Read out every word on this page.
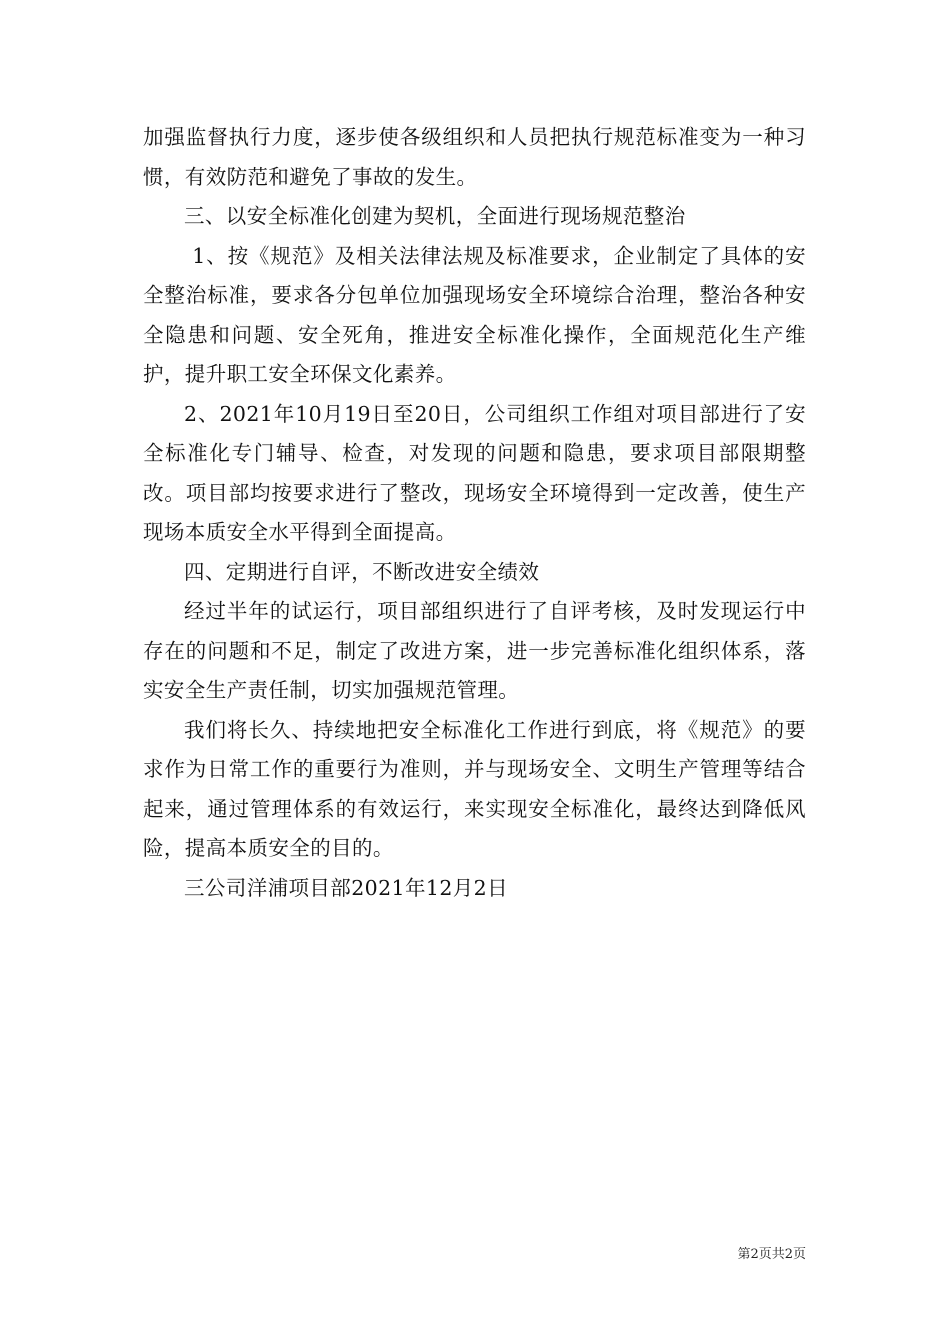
加强监督执行力度，逐步使各级组织和人员把执行规范标准变为一种习惯，有效防范和避免了事故的发生。

三、以安全标准化创建为契机，全面进行现场规范整治

1、按《规范》及相关法律法规及标准要求，企业制定了具体的安全整治标准，要求各分包单位加强现场安全环境综合治理，整治各种安全隐患和问题、安全死角，推进安全标准化操作，全面规范化生产维护，提升职工安全环保文化素养。

2、2021年10月19日至20日，公司组织工作组对项目部进行了安全标准化专门辅导、检查，对发现的问题和隐患，要求项目部限期整改。项目部均按要求进行了整改，现场安全环境得到一定改善，使生产现场本质安全水平得到全面提高。

四、定期进行自评，不断改进安全绩效

经过半年的试运行，项目部组织进行了自评考核，及时发现运行中存在的问题和不足，制定了改进方案，进一步完善标准化组织体系，落实安全生产责任制，切实加强规范管理。

我们将长久、持续地把安全标准化工作进行到底，将《规范》的要求作为日常工作的重要行为准则，并与现场安全、文明生产管理等结合起来，通过管理体系的有效运行，来实现安全标准化，最终达到降低风险，提高本质安全的目的。

三公司洋浦项目部2021年12月2日

第2页共2页
